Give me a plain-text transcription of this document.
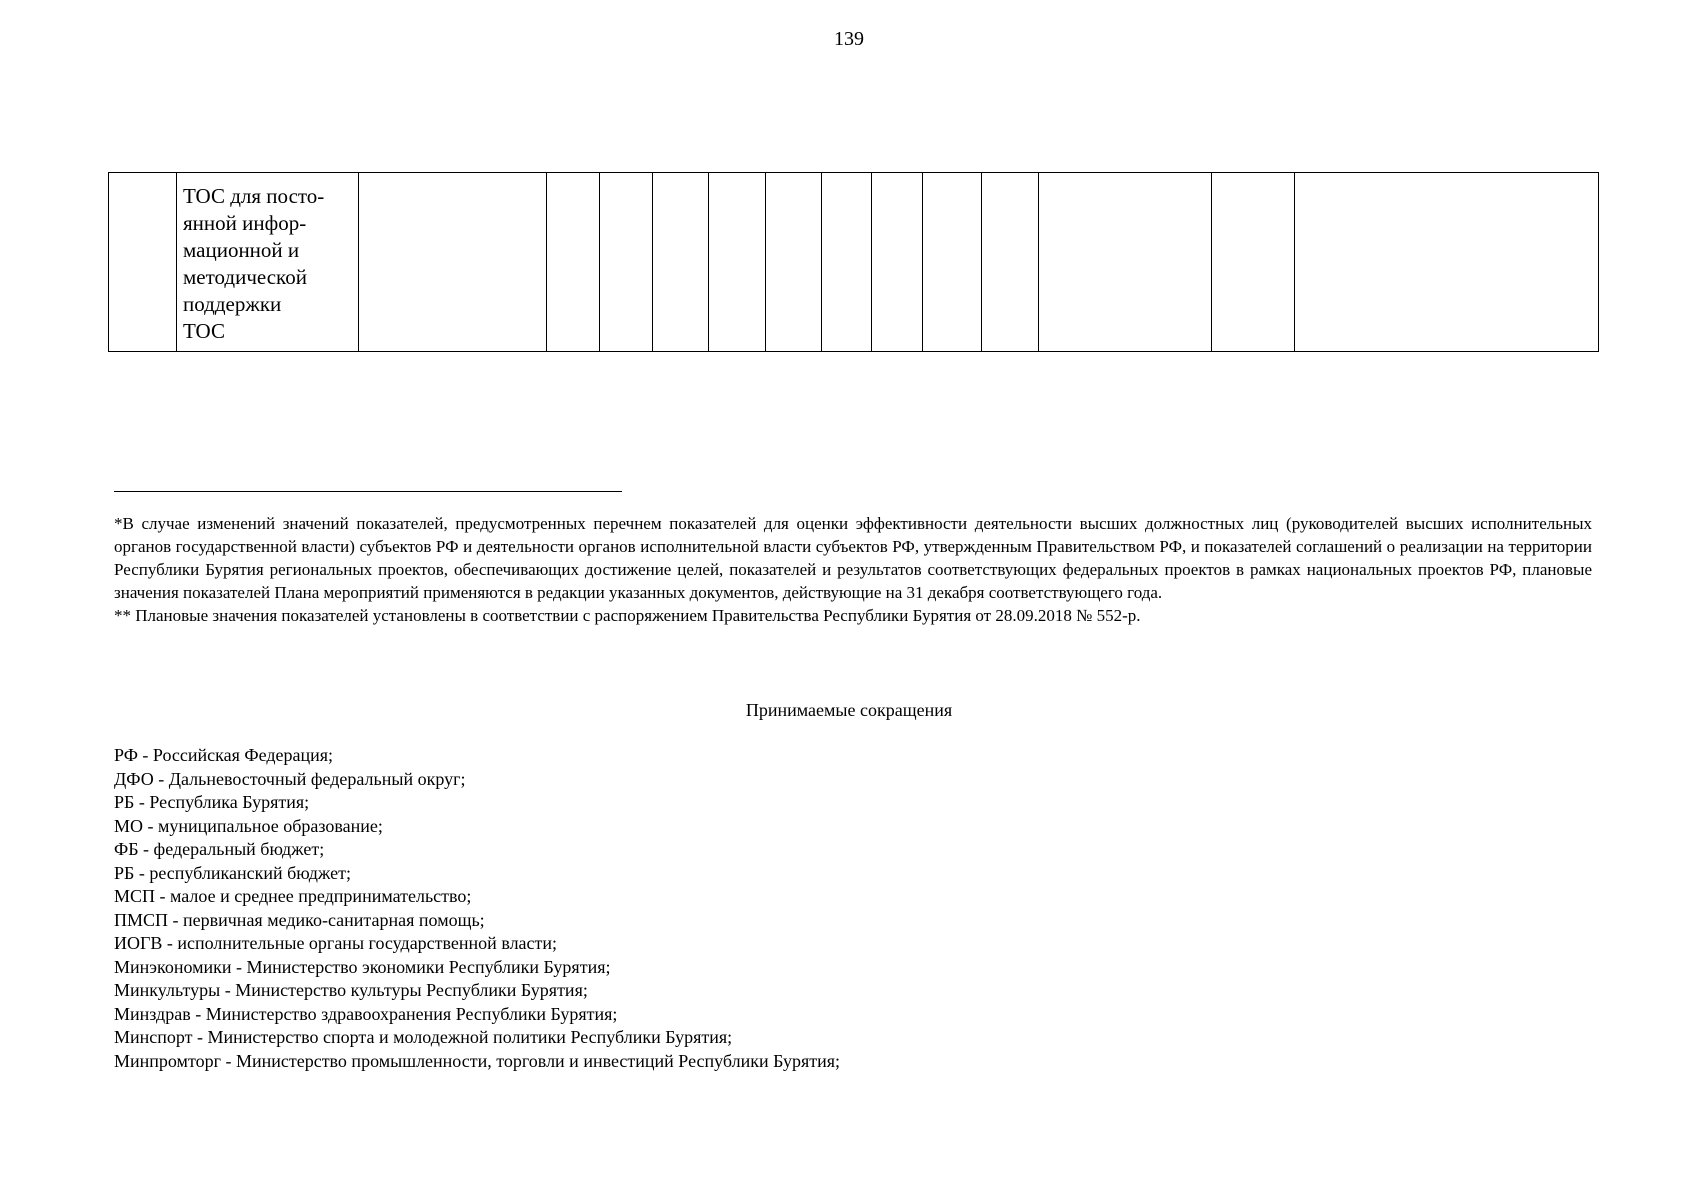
139

ТОС для посто-
янной инфор-
мационной и
методической
поддержки
ТОС

*В случае изменений значений показателей, предусмотренных перечнем показателей для оценки эффективности деятельности высших должностных лиц (руководителей высших исполнительных органов государственной власти) субъектов РФ и деятельности органов исполнительной власти субъектов РФ, утвержденным Правительством РФ, и показателей соглашений о реализации на территории Республики Бурятия региональных проектов, обеспечивающих достижение целей, показателей и результатов соответствующих федеральных проектов в рамках национальных проектов РФ, плановые значения показателей Плана мероприятий применяются в редакции указанных документов, действующие на 31 декабря соответствующего года.

** Плановые значения показателей установлены в соответствии с распоряжением Правительства Республики Бурятия от 28.09.2018 № 552-р.

Принимаемые сокращения
РФ - Российская Федерация;
ДФО - Дальневосточный федеральный округ;
РБ - Республика Бурятия;
МО - муниципальное образование;
ФБ - федеральный бюджет;
РБ - республиканский бюджет;
МСП - малое и среднее предпринимательство;
ПМСП - первичная медико-санитарная помощь;
ИОГВ - исполнительные органы государственной власти;
Минэкономики - Министерство экономики Республики Бурятия;
Минкультуры - Министерство культуры Республики Бурятия;
Минздрав - Министерство здравоохранения Республики Бурятия;
Минспорт - Министерство спорта и молодежной политики Республики Бурятия;
Минпромторг - Министерство промышленности, торговли и инвестиций Республики Бурятия;
